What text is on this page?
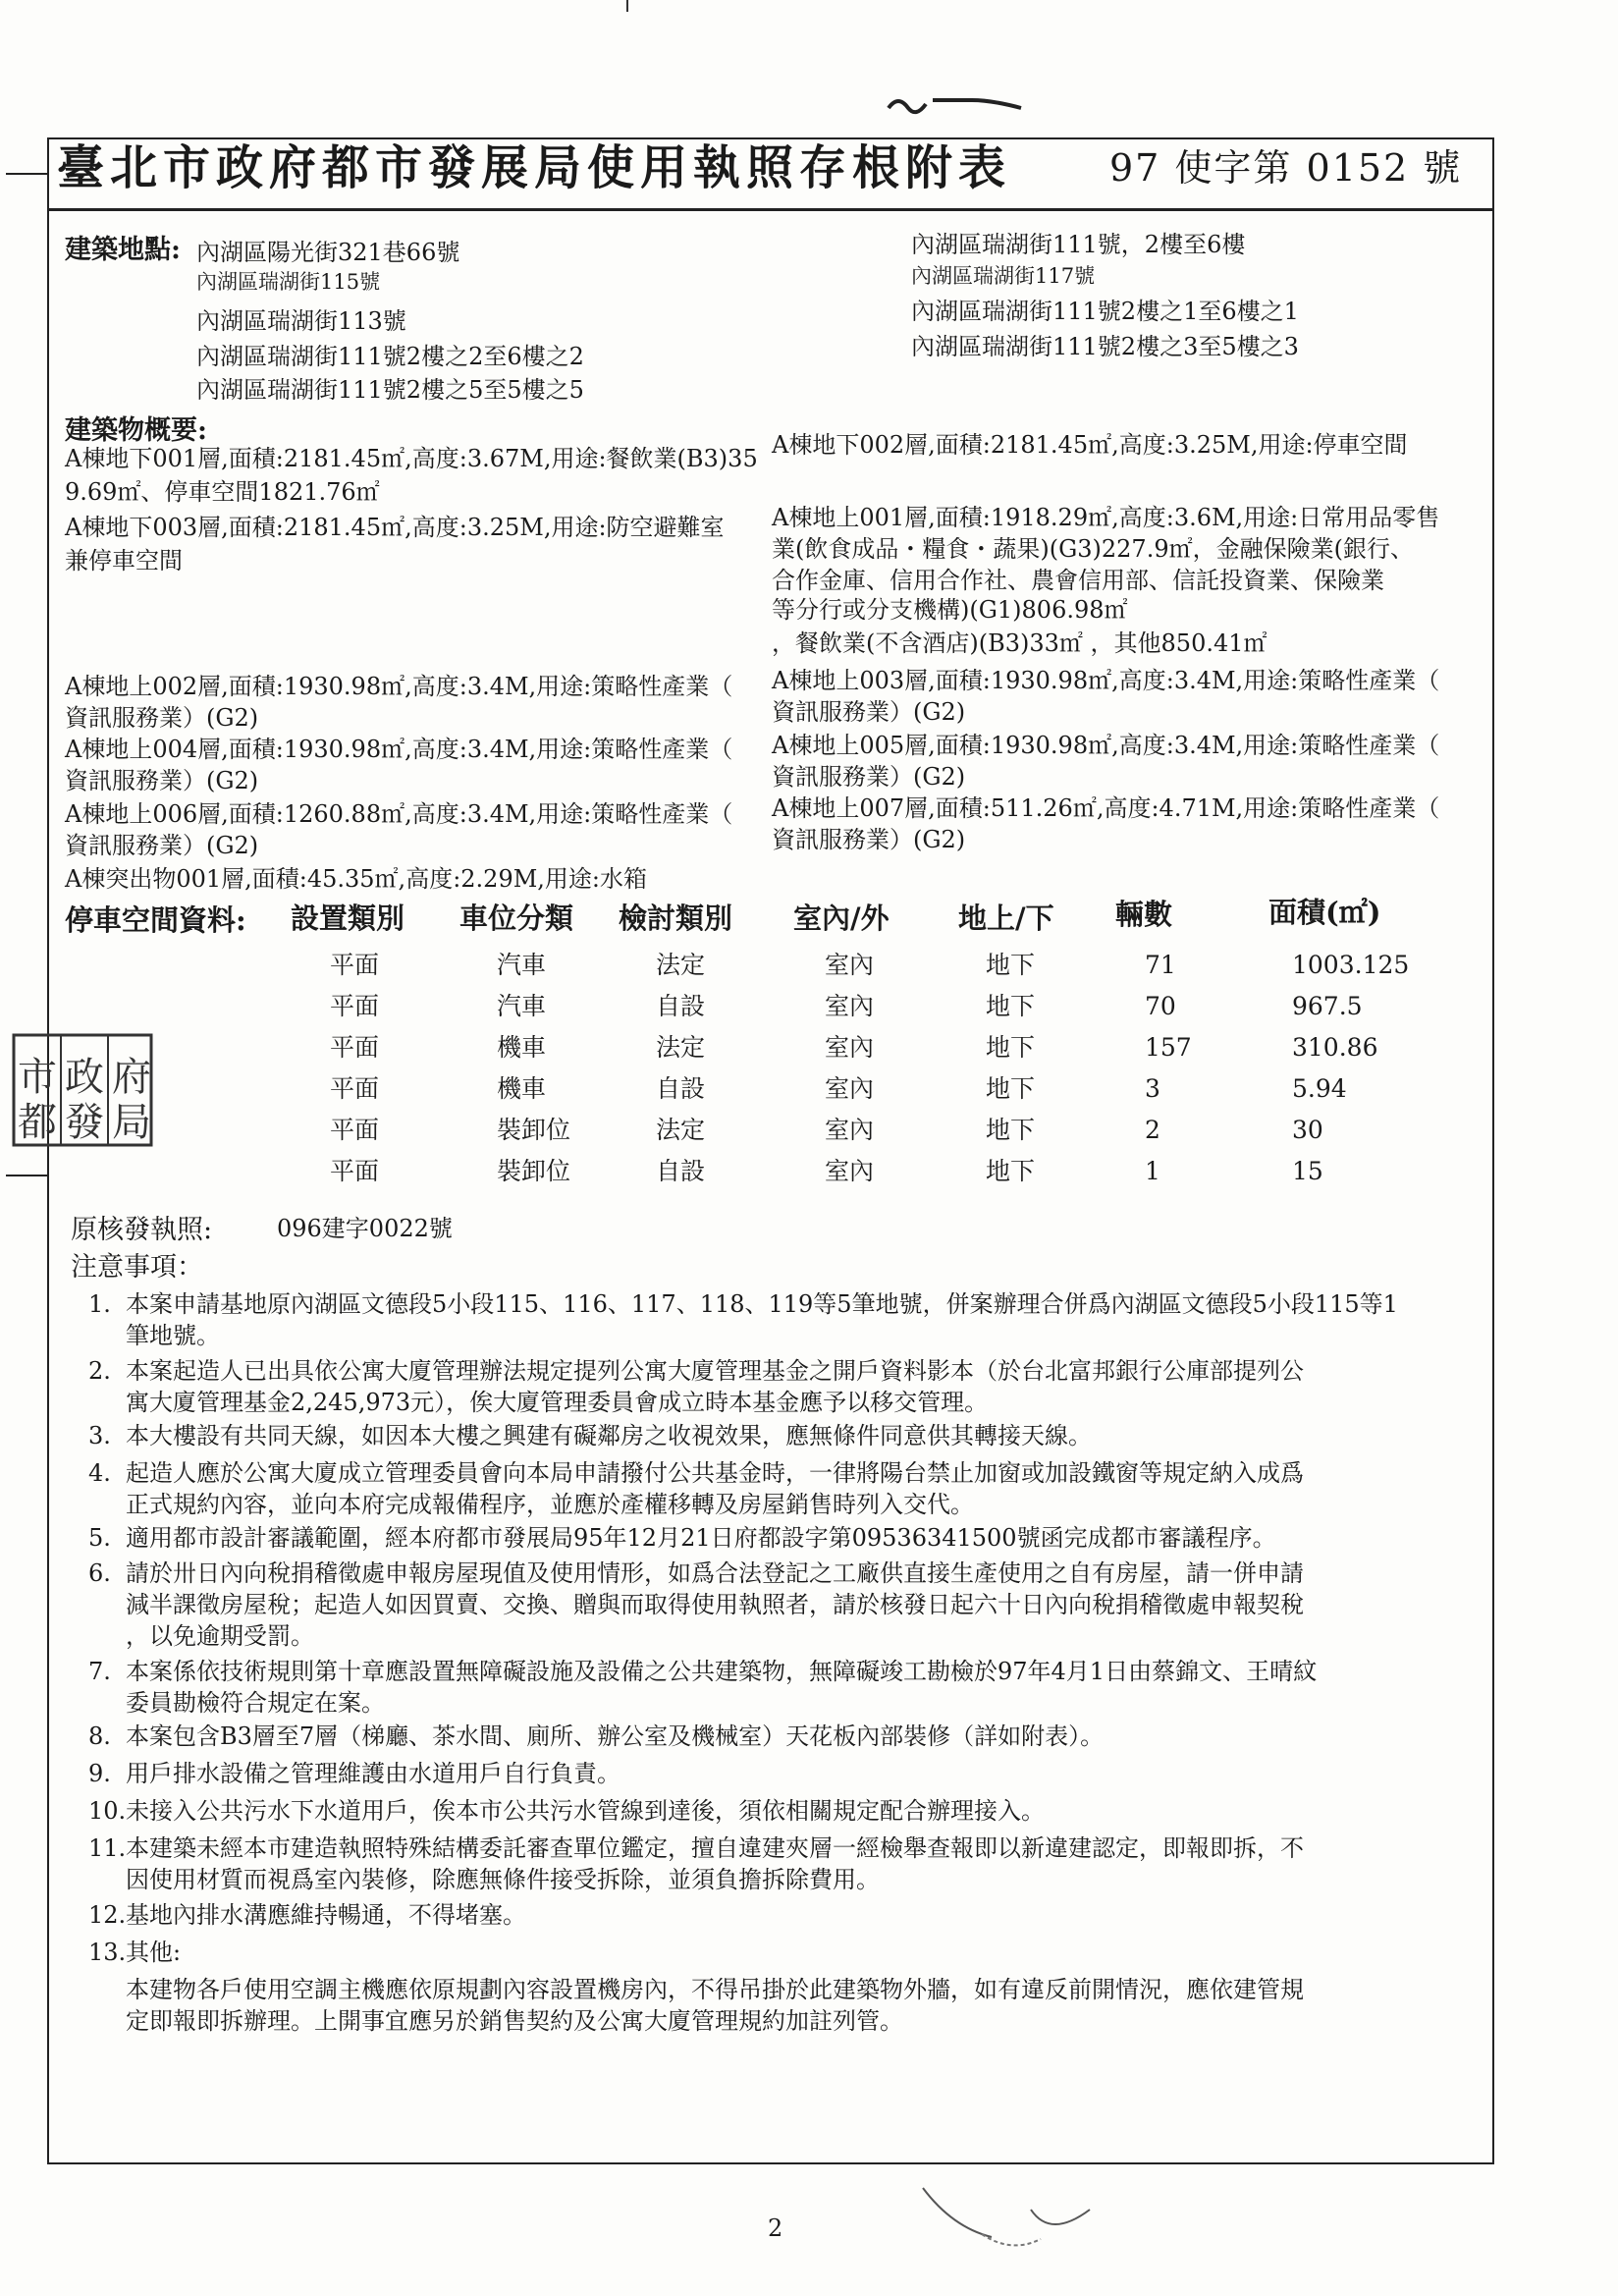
臺北市政府都市發展局使用執照存根附表	97 使字第 0152 號
建築地點: 內湖區陽光街321巷66號
內湖區瑞湖街115號
內湖區瑞湖街113號
內湖區瑞湖街111號2樓之2至6樓之2
內湖區瑞湖街111號2樓之5至5樓之5
內湖區瑞湖街111號，2樓至6樓
內湖區瑞湖街117號
內湖區瑞湖街111號2樓之1至6樓之1
內湖區瑞湖街111號2樓之3至5樓之3
建築物概要:
A棟地下001層,面積:2181.45㎡,高度:3.67M,用途:餐飲業(B3)35 A棟地下002層,面積:2181.45㎡,高度:3.25M,用途:停車空間
9.69㎡、停車空間1821.76㎡
A棟地下003層,面積:2181.45㎡,高度:3.25M,用途:防空避難室
兼停車空間
A棟地上001層,面積:1918.29㎡,高度:3.6M,用途:日常用品零售
業(飲食成品・糧食・蔬果)(G3)227.9㎡，金融保險業(銀行、
合作金庫、信用合作社、農會信用部、信託投資業、保險業
等分行或分支機構)(G1)806.98㎡
，餐飲業(不含酒店)(B3)33㎡ ，其他850.41㎡
A棟地上002層,面積:1930.98㎡,高度:3.4M,用途:策略性產業（
資訊服務業）(G2)
A棟地上003層,面積:1930.98㎡,高度:3.4M,用途:策略性產業（
資訊服務業）(G2)
A棟地上004層,面積:1930.98㎡,高度:3.4M,用途:策略性產業（
資訊服務業）(G2)
A棟地上005層,面積:1930.98㎡,高度:3.4M,用途:策略性產業（
資訊服務業）(G2)
A棟地上006層,面積:1260.88㎡,高度:3.4M,用途:策略性產業（
資訊服務業）(G2)
A棟地上007層,面積:511.26㎡,高度:4.71M,用途:策略性產業（
資訊服務業）(G2)
A棟突出物001層,面積:45.35㎡,高度:2.29M,用途:水箱
停車空間資料: 設置類別 車位分類 檢討類別 室內/外 地上/下 輛數	面積(㎡)
平面	汽車	法定	室內	地下	71	1003.125
平面	汽車	自設	室內	地下	70	967.5
平面	機車	法定	室內	地下	157	310.86
平面	機車	自設	室內	地下	3	5.94
平面	裝卸位	法定	室內	地下	2	30
平面	裝卸位	自設	室內	地下	1	15
市 政 府
都 發 局
原核發執照:	096建字0022號
注意事項：
1. 本案申請基地原內湖區文德段5小段115、116、117、118、119等5筆地號，併案辦理合併爲內湖區文德段5小段115等1
筆地號。
2. 本案起造人已出具依公寓大廈管理辦法規定提列公寓大廈管理基金之開戶資料影本（於台北富邦銀行公庫部提列公
寓大廈管理基金2,245,973元），俟大廈管理委員會成立時本基金應予以移交管理。
3. 本大樓設有共同天線，如因本大樓之興建有礙鄰房之收視效果，應無條件同意供其轉接天線。
4. 起造人應於公寓大廈成立管理委員會向本局申請撥付公共基金時，一律將陽台禁止加窗或加設鐵窗等規定納入成爲
正式規約內容，並向本府完成報備程序，並應於產權移轉及房屋銷售時列入交代。
5. 適用都市設計審議範圍，經本府都市發展局95年12月21日府都設字第09536341500號函完成都市審議程序。
6. 請於卅日內向稅捐稽徵處申報房屋現值及使用情形，如爲合法登記之工廠供直接生產使用之自有房屋，請一併申請
減半課徵房屋稅；起造人如因買賣、交換、贈與而取得使用執照者，請於核發日起六十日內向稅捐稽徵處申報契稅
，以免逾期受罰。
7. 本案係依技術規則第十章應設置無障礙設施及設備之公共建築物，無障礙竣工勘檢於97年4月1日由蔡錦文、王晴紋
委員勘檢符合規定在案。
8. 本案包含B3層至7層（梯廳、茶水間、廁所、辦公室及機械室）天花板內部裝修（詳如附表）。
9. 用戶排水設備之管理維護由水道用戶自行負責。
10. 未接入公共污水下水道用戶，俟本市公共污水管線到達後，須依相關規定配合辦理接入。
11. 本建築未經本市建造執照特殊結構委託審查單位鑑定，擅自違建夾層一經檢舉查報即以新違建認定，即報即拆，不
因使用材質而視爲室內裝修，除應無條件接受拆除，並須負擔拆除費用。
12. 基地內排水溝應維持暢通，不得堵塞。
13. 其他:
本建物各戶使用空調主機應依原規劃內容設置機房內，不得吊掛於此建築物外牆，如有違反前開情況，應依建管規
定即報即拆辦理。上開事宜應另於銷售契約及公寓大廈管理規約加註列管。
2
